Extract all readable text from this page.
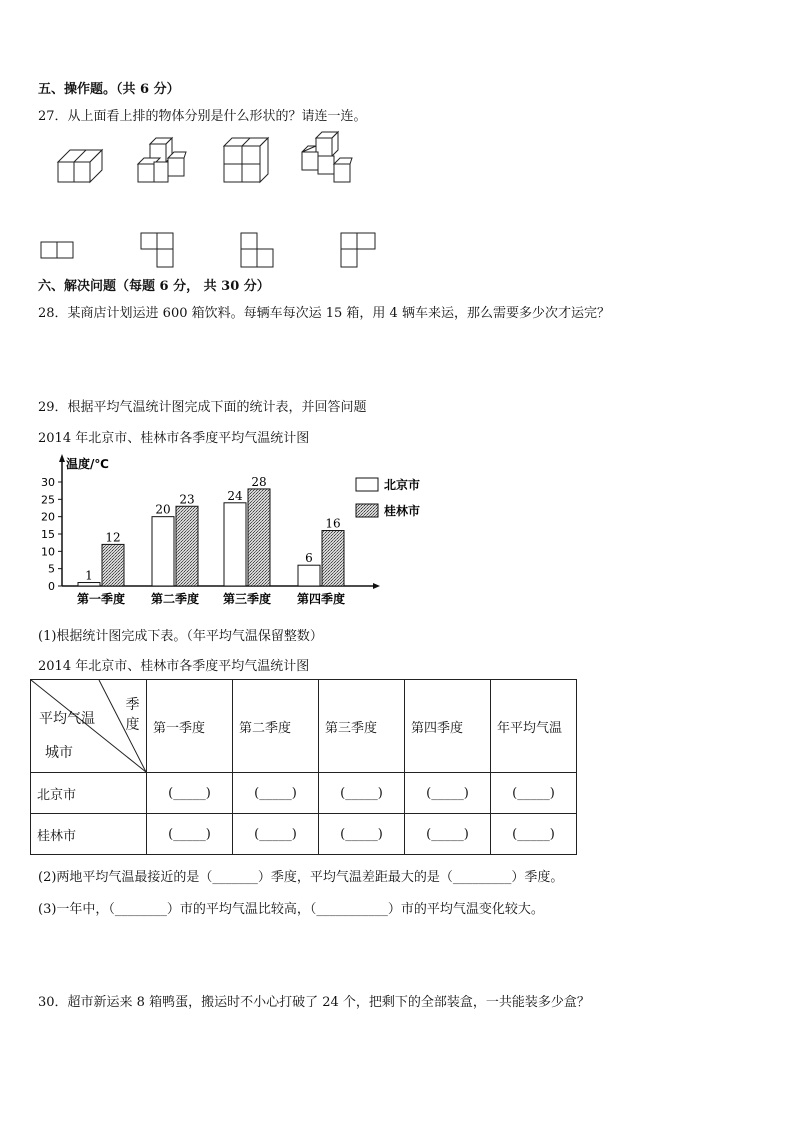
五、操作题。（共 6 分）
27．从上面看上排的物体分别是什么形状的？请连一连。
六、解决问题（每题 6 分， 共 30 分）
28．某商店计划运进 600 箱饮料。每辆车每次运 15 箱，用 4 辆车来运，那么需要多少次才运完？
29．根据平均气温统计图完成下面的统计表，并回答问题
2014 年北京市、桂林市各季度平均气温统计图
温度/℃
0
5
10
15
20
25
30
1
12
第一季度
20
23
第二季度
24
28
第三季度
6
16
第四季度
北京市
桂林市
(1)根据统计图完成下表。（年平均气温保留整数）
2014 年北京市、桂林市各季度平均气温统计图
季度
平均气温
城市	第一季度	第二季度	第三季度	第四季度	年平均气温
北京市	(_____)	(_____)	(_____)	(_____)	(_____)
桂林市	(_____)	(_____)	(_____)	(_____)	(_____)
(2)两地平均气温最接近的是（_______）季度，平均气温差距最大的是（_________）季度。
(3)一年中，（________）市的平均气温比较高，（___________）市的平均气温变化较大。
30．超市新运来 8 箱鸭蛋，搬运时不小心打破了 24 个，把剩下的全部装盒，一共能装多少盒？
